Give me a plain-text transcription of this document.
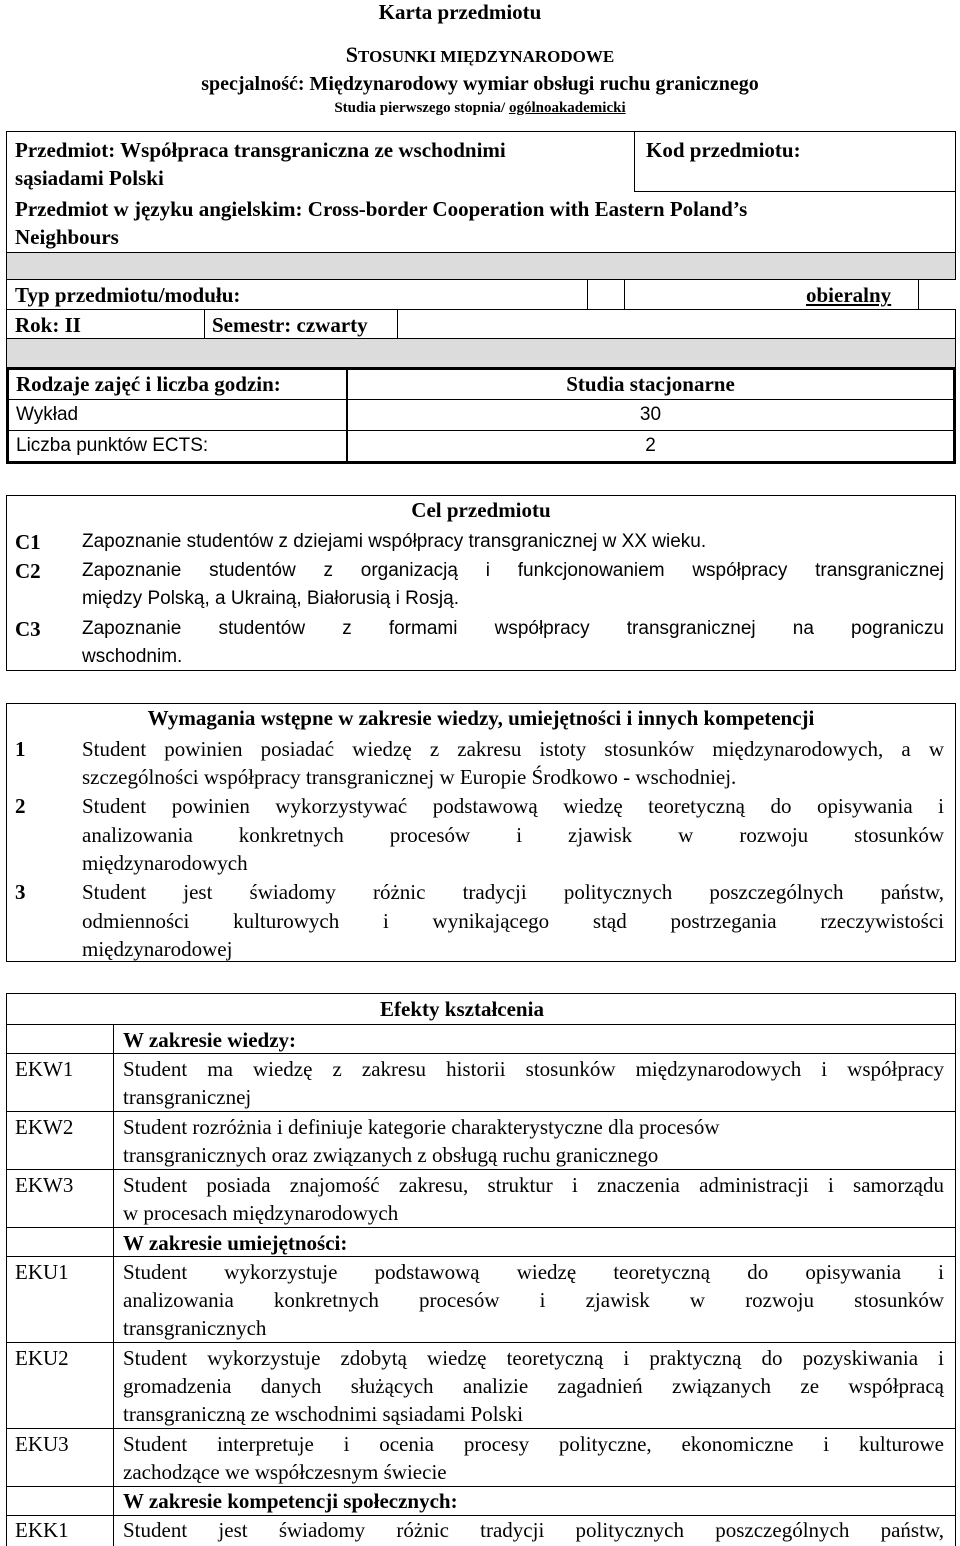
Karta przedmiotu
STOSUNKI MIĘDZYNARODOWE
specjalność: Międzynarodowy wymiar obsługi ruchu granicznego
Studia pierwszego stopnia/ ogólnoakademicki
Przedmiot: Współpraca transgraniczna ze wschodnimi
sąsiadami Polski
Kod przedmiotu:
Przedmiot w języku angielskim: Cross-border Cooperation with Eastern Poland’s
Neighbours
Typ przedmiotu/modułu:	obieralny
Rok: II	Semestr: czwarty
Rodzaje zajęć i liczba godzin:	Studia stacjonarne
Wykład	30
Liczba punktów ECTS:	2
Cel przedmiotu
C1 Zapoznanie studentów z dziejami współpracy transgranicznej w XX wieku.
C2 Zapoznanie studentów z organizacją i funkcjonowaniem współpracy transgranicznej
między Polską, a Ukrainą, Białorusią i Rosją.
C3 Zapoznanie studentów z formami współpracy transgranicznej na pograniczu
wschodnim.
Wymagania wstępne w zakresie wiedzy, umiejętności i innych kompetencji
1	Student powinien posiadać wiedzę z zakresu istoty stosunków międzynarodowych, a w
szczególności współpracy transgranicznej w Europie Środkowo - wschodniej.
2	Student powinien wykorzystywać podstawową wiedzę teoretyczną do opisywania i
analizowania konkretnych procesów i zjawisk w rozwoju stosunków
międzynarodowych
3	Student jest świadomy różnic tradycji politycznych poszczególnych państw,
odmienności kulturowych i wynikającego stąd postrzegania rzeczywistości
międzynarodowej
Efekty kształcenia
W zakresie wiedzy:
EKW1 Student ma wiedzę z zakresu historii stosunków międzynarodowych i współpracy
transgranicznej
EKW2 Student rozróżnia i definiuje kategorie charakterystyczne dla procesów
transgranicznych oraz związanych z obsługą ruchu granicznego
EKW3 Student posiada znajomość zakresu, struktur i znaczenia administracji i samorządu
w procesach międzynarodowych
W zakresie umiejętności:
EKU1	Student wykorzystuje podstawową wiedzę teoretyczną do opisywania i
analizowania konkretnych procesów i zjawisk w rozwoju stosunków
transgranicznych
EKU2	Student wykorzystuje zdobytą wiedzę teoretyczną i praktyczną do pozyskiwania i
gromadzenia danych służących analizie zagadnień związanych ze współpracą
transgraniczną ze wschodnimi sąsiadami Polski
EKU3	Student interpretuje i ocenia procesy polityczne, ekonomiczne i kulturowe
zachodzące we współczesnym świecie
W zakresie kompetencji społecznych:
EKK1	Student jest świadomy różnic tradycji politycznych poszczególnych państw,
